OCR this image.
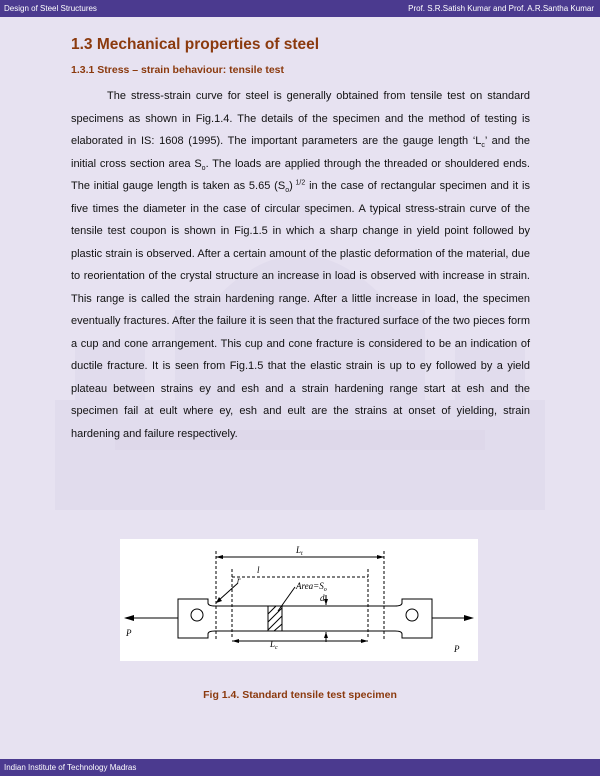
Design of Steel Structures	Prof. S.R.Satish Kumar and Prof. A.R.Santha Kumar
1.3 Mechanical properties of steel
1.3.1 Stress – strain behaviour: tensile test

The stress-strain curve for steel is generally obtained from tensile test on standard specimens as shown in Fig.1.4. The details of the specimen and the method of testing is elaborated in IS: 1608 (1995). The important parameters are the gauge length ‘$L_c$’ and the initial cross section area $S_o$. The loads are applied through the threaded or shouldered ends. The initial gauge length is taken as 5.65 $(S_o)$ $^{1/2}$ in the case of rectangular specimen and it is five times the diameter in the case of circular specimen. A typical stress-strain curve of the tensile test coupon is shown in Fig.1.5 in which a sharp change in yield point followed by plastic strain is observed. After a certain amount of the plastic deformation of the material, due to reorientation of the crystal structure an increase in load is observed with increase in strain. This range is called the strain hardening range. After a little increase in load, the specimen eventually fractures. After the failure it is seen that the fractured surface of the two pieces form a cup and cone arrangement. This cup and cone fracture is considered to be an indication of ductile fracture. It is seen from Fig.1.5 that the elastic strain is up to ey followed by a yield plateau between strains ey and esh and a strain hardening range start at esh and the specimen fail at eult where ey, esh and eult are the strains at onset of yielding, strain hardening and failure respectively.

$L_t$
l
r
$Area=S_o$
d
$L_c$
P
P
Fig 1.4. Standard tensile test specimen
Indian Institute of Technology Madras
